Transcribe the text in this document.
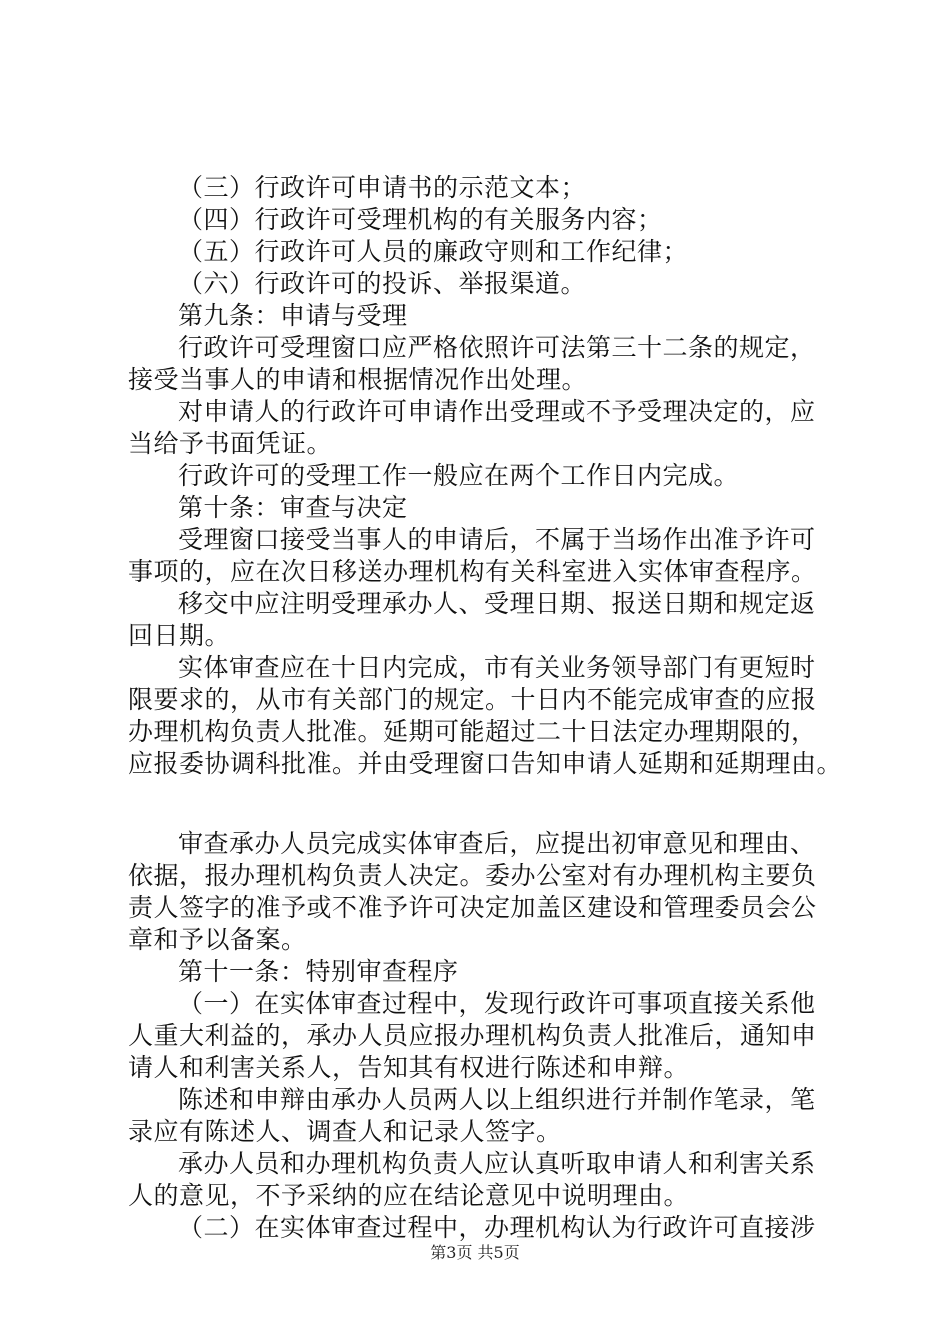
（三）行政许可申请书的示范文本；
（四）行政许可受理机构的有关服务内容；
（五）行政许可人员的廉政守则和工作纪律；
（六）行政许可的投诉、举报渠道。
第九条：申请与受理
行政许可受理窗口应严格依照许可法第三十二条的规定，
接受当事人的申请和根据情况作出处理。
对申请人的行政许可申请作出受理或不予受理决定的，应
当给予书面凭证。
行政许可的受理工作一般应在两个工作日内完成。
第十条：审查与决定
受理窗口接受当事人的申请后，不属于当场作出准予许可
事项的，应在次日移送办理机构有关科室进入实体审查程序。
移交中应注明受理承办人、受理日期、报送日期和规定返
回日期。
实体审查应在十日内完成，市有关业务领导部门有更短时
限要求的，从市有关部门的规定。十日内不能完成审查的应报
办理机构负责人批准。延期可能超过二十日法定办理期限的，
应报委协调科批准。并由受理窗口告知申请人延期和延期理由。
审查承办人员完成实体审查后，应提出初审意见和理由、
依据，报办理机构负责人决定。委办公室对有办理机构主要负
责人签字的准予或不准予许可决定加盖区建设和管理委员会公
章和予以备案。
第十一条：特别审查程序
（一）在实体审查过程中，发现行政许可事项直接关系他
人重大利益的，承办人员应报办理机构负责人批准后，通知申
请人和利害关系人，告知其有权进行陈述和申辩。
陈述和申辩由承办人员两人以上组织进行并制作笔录，笔
录应有陈述人、调查人和记录人签字。
承办人员和办理机构负责人应认真听取申请人和利害关系
人的意见，不予采纳的应在结论意见中说明理由。
（二）在实体审查过程中，办理机构认为行政许可直接涉
第3页 共5页
